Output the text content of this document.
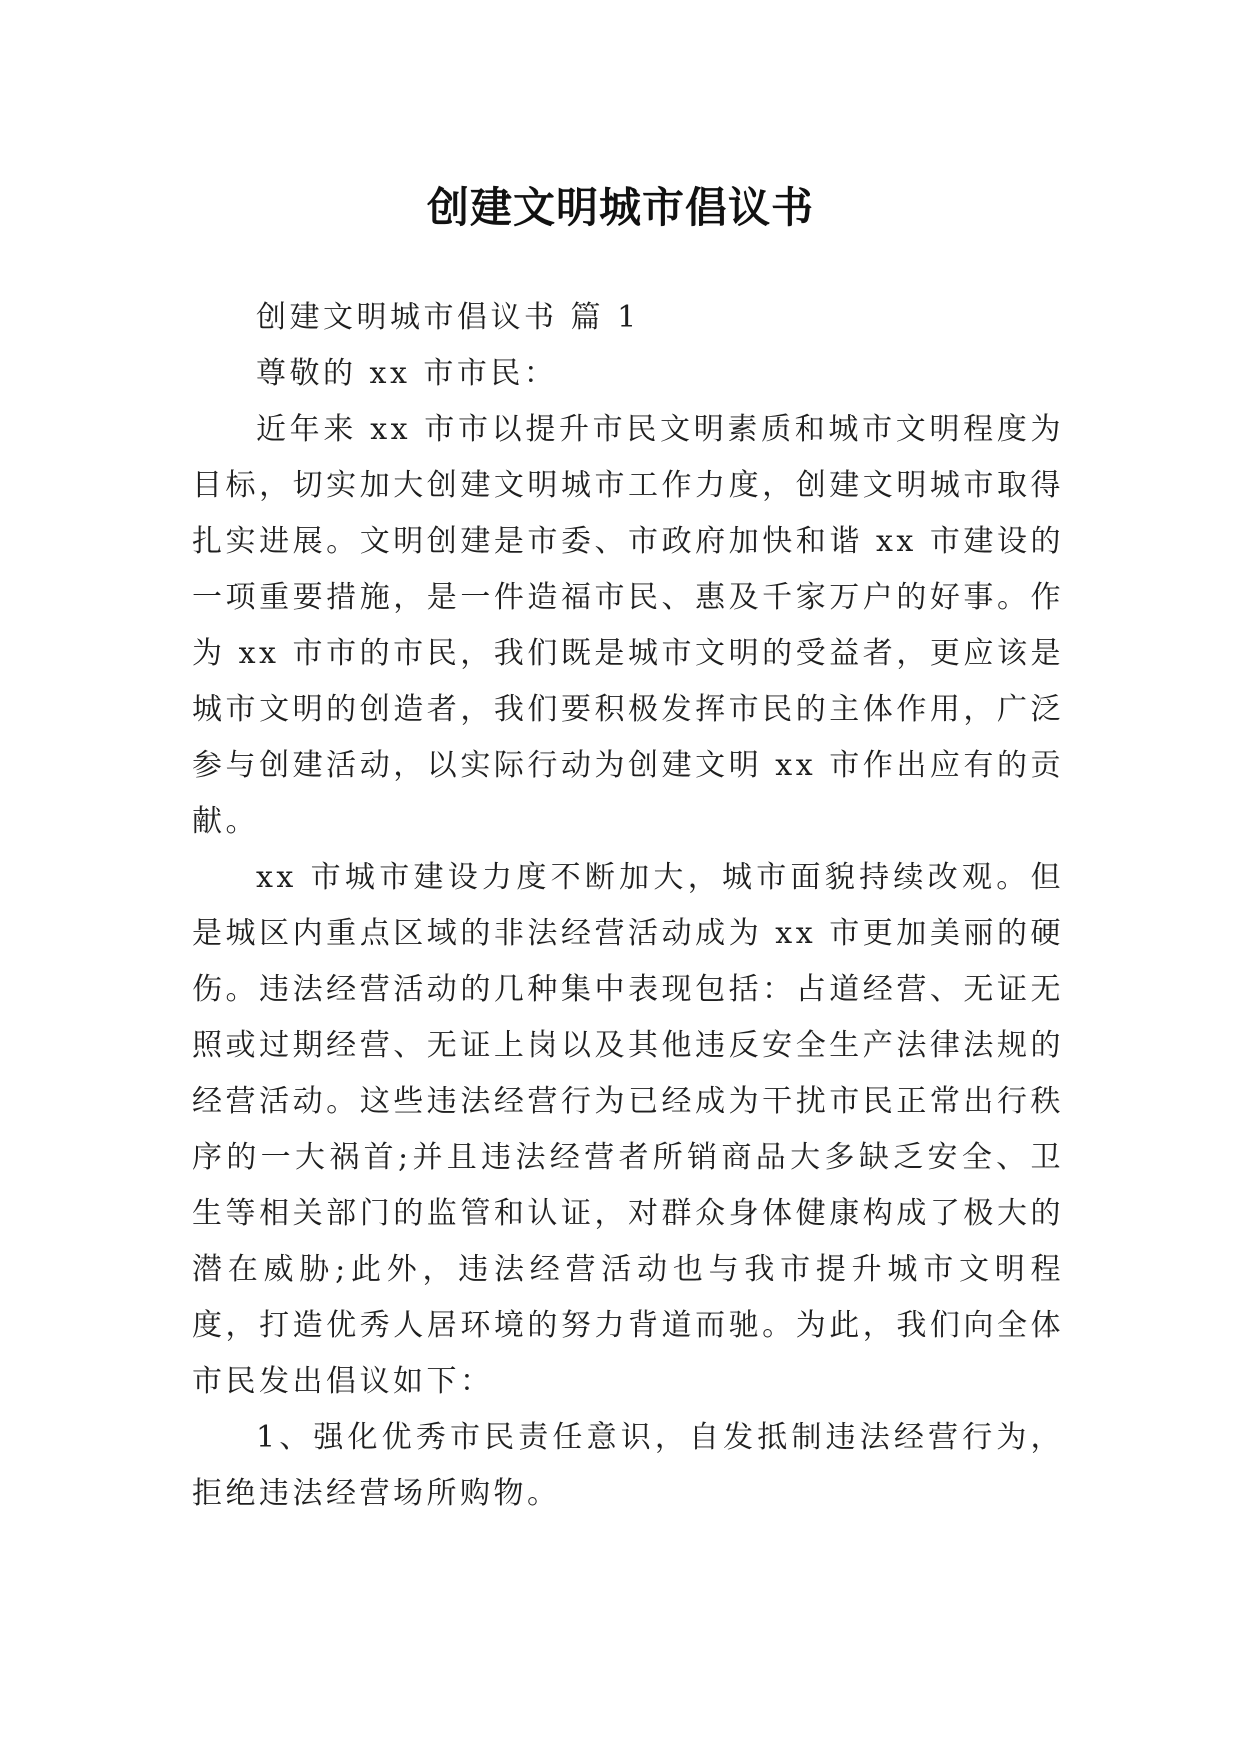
创建文明城市倡议书

创建文明城市倡议书 篇 1

尊敬的 xx 市市民：

近年来 xx 市市以提升市民文明素质和城市文明程度为目标，切实加大创建文明城市工作力度，创建文明城市取得扎实进展。文明创建是市委、市政府加快和谐 xx 市建设的一项重要措施，是一件造福市民、惠及千家万户的好事。作为 xx 市市的市民，我们既是城市文明的受益者，更应该是城市文明的创造者，我们要积极发挥市民的主体作用，广泛参与创建活动，以实际行动为创建文明 xx 市作出应有的贡献。

xx 市城市建设力度不断加大，城市面貌持续改观。但是城区内重点区域的非法经营活动成为 xx 市更加美丽的硬伤。违法经营活动的几种集中表现包括：占道经营、无证无照或过期经营、无证上岗以及其他违反安全生产法律法规的经营活动。这些违法经营行为已经成为干扰市民正常出行秩序的一大祸首;并且违法经营者所销商品大多缺乏安全、卫生等相关部门的监管和认证，对群众身体健康构成了极大的潜在威胁;此外，违法经营活动也与我市提升城市文明程度，打造优秀人居环境的努力背道而驰。为此，我们向全体市民发出倡议如下：

1、强化优秀市民责任意识，自发抵制违法经营行为，拒绝违法经营场所购物。
